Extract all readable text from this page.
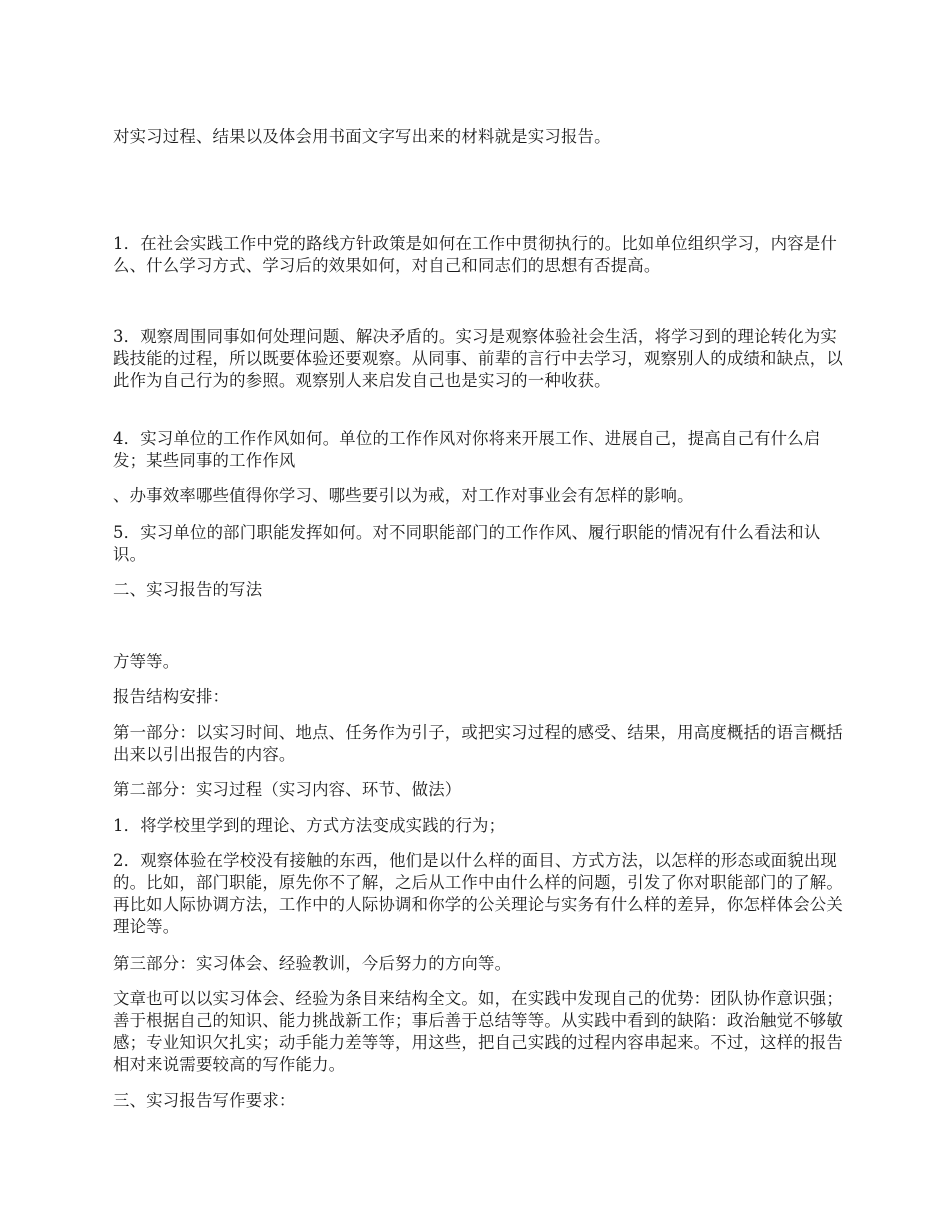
对实习过程、结果以及体会用书面文字写出来的材料就是实习报告。

1．在社会实践工作中党的路线方针政策是如何在工作中贯彻执行的。比如单位组织学习，内容是什么、什么学习方式、学习后的效果如何，对自己和同志们的思想有否提高。

3．观察周围同事如何处理问题、解决矛盾的。实习是观察体验社会生活，将学习到的理论转化为实践技能的过程，所以既要体验还要观察。从同事、前辈的言行中去学习，观察别人的成绩和缺点，以此作为自己行为的参照。观察别人来启发自己也是实习的一种收获。

4．实习单位的工作作风如何。单位的工作作风对你将来开展工作、进展自己，提高自己有什么启发；某些同事的工作作风

、办事效率哪些值得你学习、哪些要引以为戒，对工作对事业会有怎样的影响。

5．实习单位的部门职能发挥如何。对不同职能部门的工作作风、履行职能的情况有什么看法和认识。

二、实习报告的写法

方等等。

报告结构安排：

第一部分：以实习时间、地点、任务作为引子，或把实习过程的感受、结果，用高度概括的语言概括出来以引出报告的内容。

第二部分：实习过程（实习内容、环节、做法）

1．将学校里学到的理论、方式方法变成实践的行为；

2．观察体验在学校没有接触的东西，他们是以什么样的面目、方式方法，以怎样的形态或面貌出现的。比如，部门职能，原先你不了解，之后从工作中由什么样的问题，引发了你对职能部门的了解。再比如人际协调方法，工作中的人际协调和你学的公关理论与实务有什么样的差异，你怎样体会公关理论等。

第三部分：实习体会、经验教训，今后努力的方向等。

文章也可以以实习体会、经验为条目来结构全文。如，在实践中发现自己的优势：团队协作意识强；善于根据自己的知识、能力挑战新工作；事后善于总结等等。从实践中看到的缺陷：政治触觉不够敏感；专业知识欠扎实；动手能力差等等，用这些，把自己实践的过程内容串起来。不过，这样的报告相对来说需要较高的写作能力。

三、实习报告写作要求：
